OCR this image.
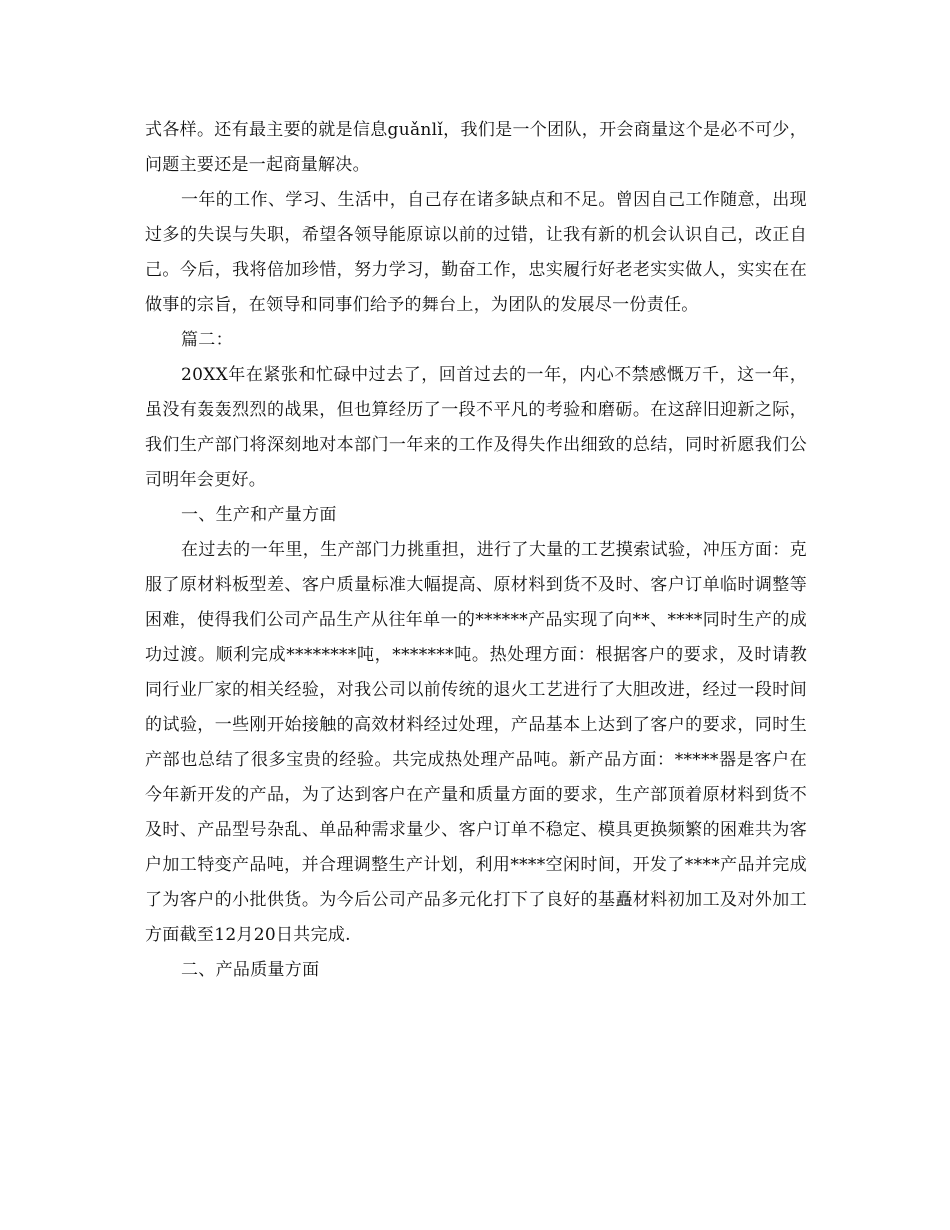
式各样。还有最主要的就是信息guǎnlǐ，我们是一个团队，开会商量这个是必不可少，问题主要还是一起商量解决。

一年的工作、学习、生活中，自己存在诸多缺点和不足。曾因自己工作随意，出现过多的失误与失职，希望各领导能原谅以前的过错，让我有新的机会认识自己，改正自己。今后，我将倍加珍惜，努力学习，勤奋工作，忠实履行好老老实实做人，实实在在做事的宗旨，在领导和同事们给予的舞台上，为团队的发展尽一份责任。

篇二：

20XX年在紧张和忙碌中过去了，回首过去的一年，内心不禁感慨万千，这一年，虽没有轰轰烈烈的战果，但也算经历了一段不平凡的考验和磨砺。在这辞旧迎新之际，我们生产部门将深刻地对本部门一年来的工作及得失作出细致的总结，同时祈愿我们公司明年会更好。

一、生产和产量方面

在过去的一年里，生产部门力挑重担，进行了大量的工艺摸索试验，冲压方面：克服了原材料板型差、客户质量标准大幅提高、原材料到货不及时、客户订单临时调整等困难，使得我们公司产品生产从往年单一的******产品实现了向**、****同时生产的成功过渡。顺利完成********吨，*******吨。热处理方面：根据客户的要求，及时请教同行业厂家的相关经验，对我公司以前传统的退火工艺进行了大胆改进，经过一段时间的试验，一些刚开始接触的高效材料经过处理，产品基本上达到了客户的要求，同时生产部也总结了很多宝贵的经验。共完成热处理产品吨。新产品方面：*****器是客户在今年新开发的产品，为了达到客户在产量和质量方面的要求，生产部顶着原材料到货不及时、产品型号杂乱、单品种需求量少、客户订单不稳定、模具更换频繁的困难共为客户加工特变产品吨，并合理调整生产计划，利用****空闲时间，开发了****产品并完成了为客户的小批供货。为今后公司产品多元化打下了良好的基矗材料初加工及对外加工方面截至12月20日共完成.

二、产品质量方面
